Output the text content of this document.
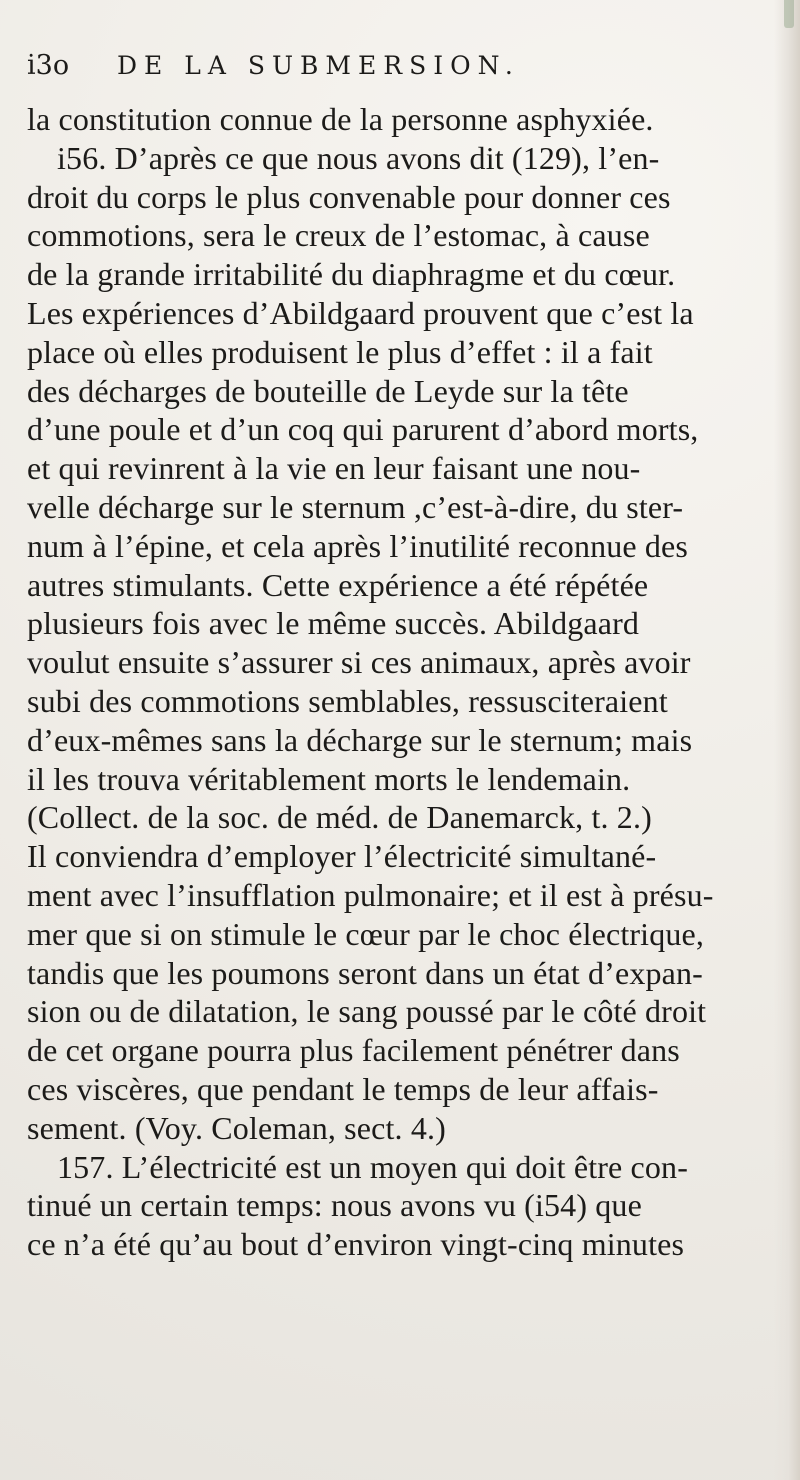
i3o	DE LA SUBMERSION.
la constitution connue de la personne asphyxiée.
i56. D’après ce que nous avons dit (129), l’en-
droit du corps le plus convenable pour donner ces
commotions, sera le creux de l’estomac, à cause
de la grande irritabilité du diaphragme et du cœur.
Les expériences d’Abildgaard prouvent que c’est la
place où elles produisent le plus d’effet : il a fait
des décharges de bouteille de Leyde sur la tête
d’une poule et d’un coq qui parurent d’abord morts,
et qui revinrent à la vie en leur faisant une nou-
velle décharge sur le sternum ,c’est-à-dire, du ster-
num à l’épine, et cela après l’inutilité reconnue des
autres stimulants. Cette expérience a été répétée
plusieurs fois avec le même succès. Abildgaard
voulut ensuite s’assurer si ces animaux, après avoir
subi des commotions semblables, ressusciteraient
d’eux-mêmes sans la décharge sur le sternum; mais
il les trouva véritablement morts le lendemain.
(Collect. de la soc. de méd. de Danemarck, t. 2.)
Il conviendra d’employer l’électricité simultané-
ment avec l’insufflation pulmonaire; et il est à présu-
mer que si on stimule le cœur par le choc électrique,
tandis que les poumons seront dans un état d’expan-
sion ou de dilatation, le sang poussé par le côté droit
de cet organe pourra plus facilement pénétrer dans
ces viscères, que pendant le temps de leur affais-
sement. (Voy. Coleman, sect. 4.)
157. L’électricité est un moyen qui doit être con-
tinué un certain temps: nous avons vu (i54) que
ce n’a été qu’au bout d’environ vingt-cinq minutes
